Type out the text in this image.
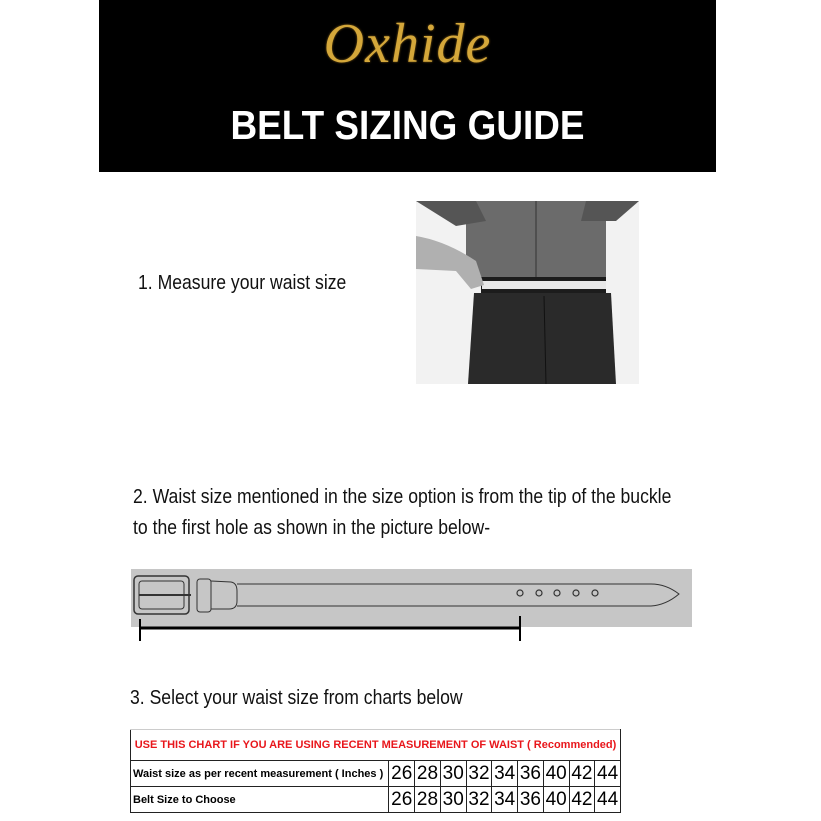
Oxhide
BELT SIZING GUIDE
1. Measure your waist size
2. Waist size mentioned in the size option is from the tip of the buckle
to the first hole as shown in the picture below-
3. Select your waist size from charts below
USE THIS CHART IF YOU ARE USING RECENT MEASUREMENT OF WAIST ( Recommended)									
Waist size as per recent measurement ( Inches )	26	28	30	32	34	36	40	42	44
Belt Size to Choose	26	28	30	32	34	36	40	42	44
